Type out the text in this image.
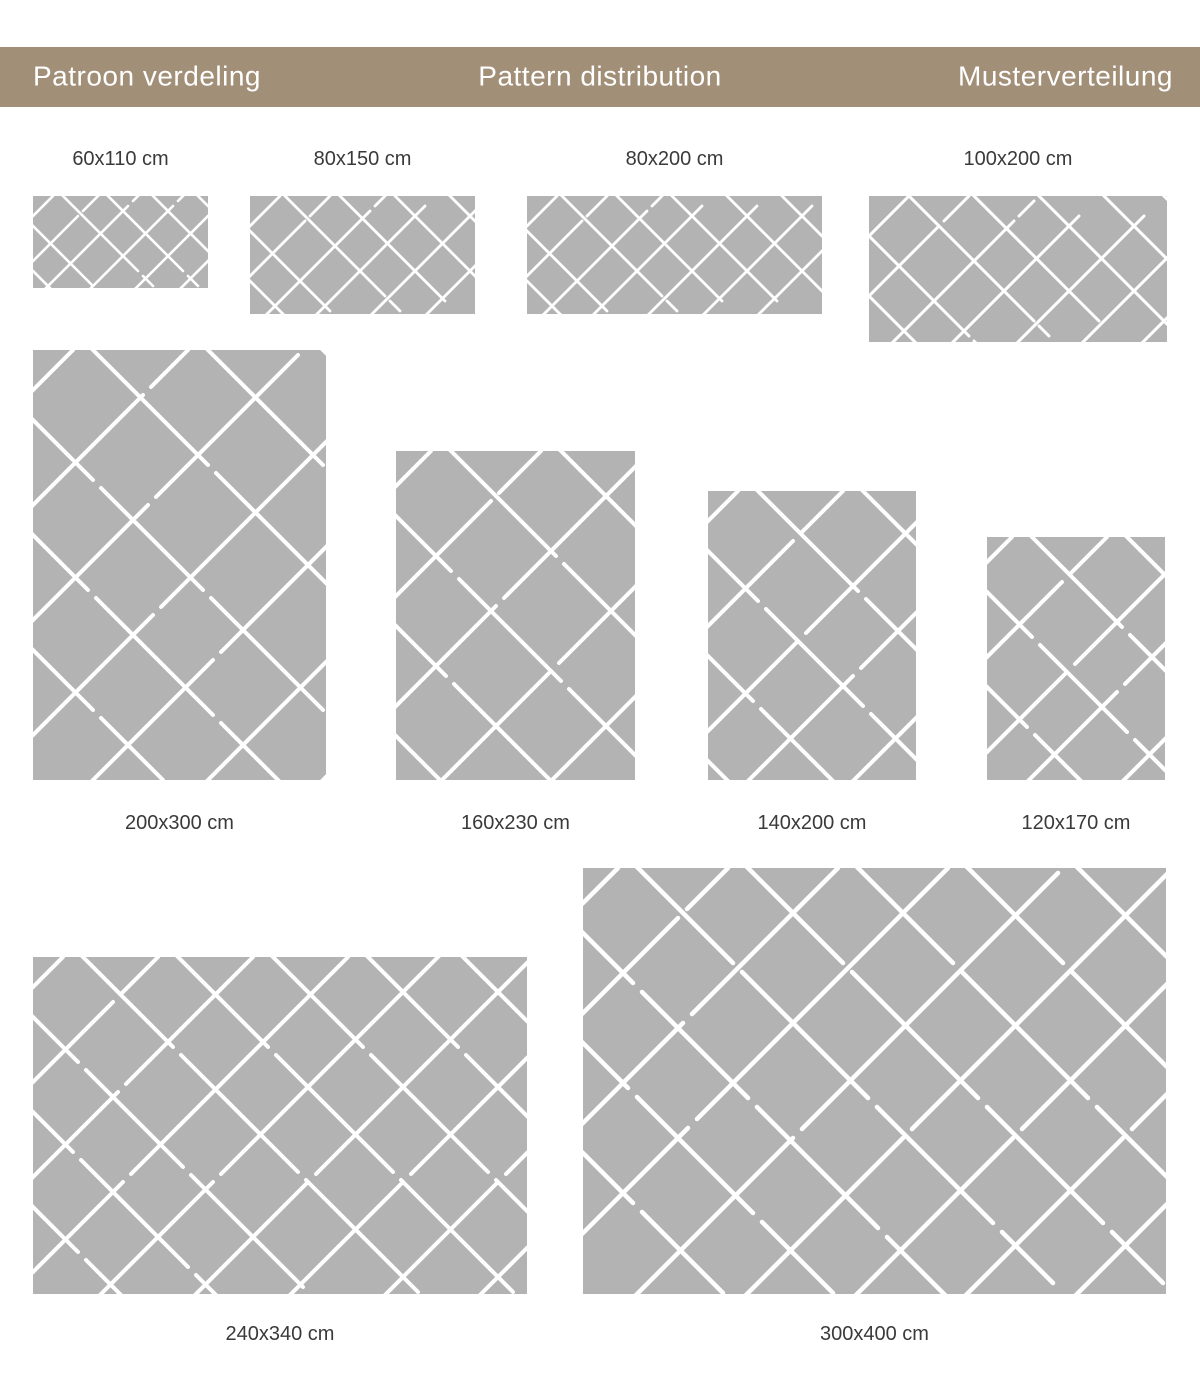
Patroon verdeling	Pattern distribution	Musterverteilung
60x110 cm	80x150 cm	80x200 cm	100x200 cm
200x300 cm	160x230 cm	140x200 cm	120x170 cm
240x340 cm	300x400 cm
